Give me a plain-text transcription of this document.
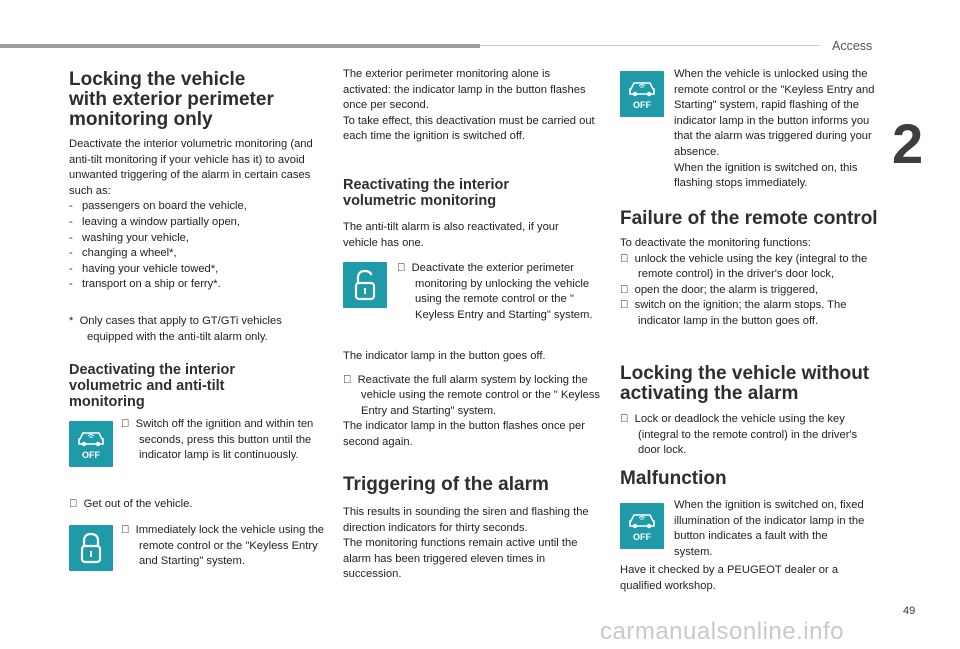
Access
2
49
carmanualsonline.info
Locking the vehicle with exterior perimeter monitoring only

Deactivate the interior volumetric monitoring (and anti-tilt monitoring if your vehicle has it) to avoid unwanted triggering of the alarm in certain cases such as:

-   passengers on board the vehicle,
-   leaving a window partially open,
-   washing your vehicle,
-   changing a wheel*,
-   having your vehicle towed*,
-   transport on a ship or ferry*.

*  Only cases that apply to GT/GTi vehicles equipped with the anti-tilt alarm only.

Deactivating the interior volumetric and anti-tilt monitoring
OFF

Switch off the ignition and within ten seconds, press this button until the indicator lamp is lit continuously.

Get out of the vehicle.

Immediately lock the vehicle using the remote control or the "Keyless Entry and Starting" system.

The exterior perimeter monitoring alone is activated: the indicator lamp in the button flashes once per second.

To take effect, this deactivation must be carried out each time the ignition is switched off.

Reactivating the interior volumetric monitoring

The anti-tilt alarm is also reactivated, if your vehicle has one.

Deactivate the exterior perimeter monitoring by unlocking the vehicle using the remote control or the " Keyless Entry and Starting" system.

The indicator lamp in the button goes off.

Reactivate the full alarm system by locking the vehicle using the remote control or the " Keyless Entry and Starting" system.

The indicator lamp in the button flashes once per second again.

Triggering of the alarm

This results in sounding the siren and flashing the direction indicators for thirty seconds.

The monitoring functions remain active until the alarm has been triggered eleven times in succession.

OFF

When the vehicle is unlocked using the remote control or the "Keyless Entry and Starting" system, rapid flashing of the indicator lamp in the button informs you that the alarm was triggered during your absence.

When the ignition is switched on, this flashing stops immediately.

Failure of the remote control

To deactivate the monitoring functions:

unlock the vehicle using the key (integral to the remote control) in the driver's door lock,
open the door; the alarm is triggered,
switch on the ignition; the alarm stops. The indicator lamp in the button goes off.
Locking the vehicle without activating the alarm

Lock or deadlock the vehicle using the key (integral to the remote control) in the driver's door lock.

Malfunction
OFF

When the ignition is switched on, fixed illumination of the indicator lamp in the button indicates a fault with the system.

Have it checked by a PEUGEOT dealer or a qualified workshop.
